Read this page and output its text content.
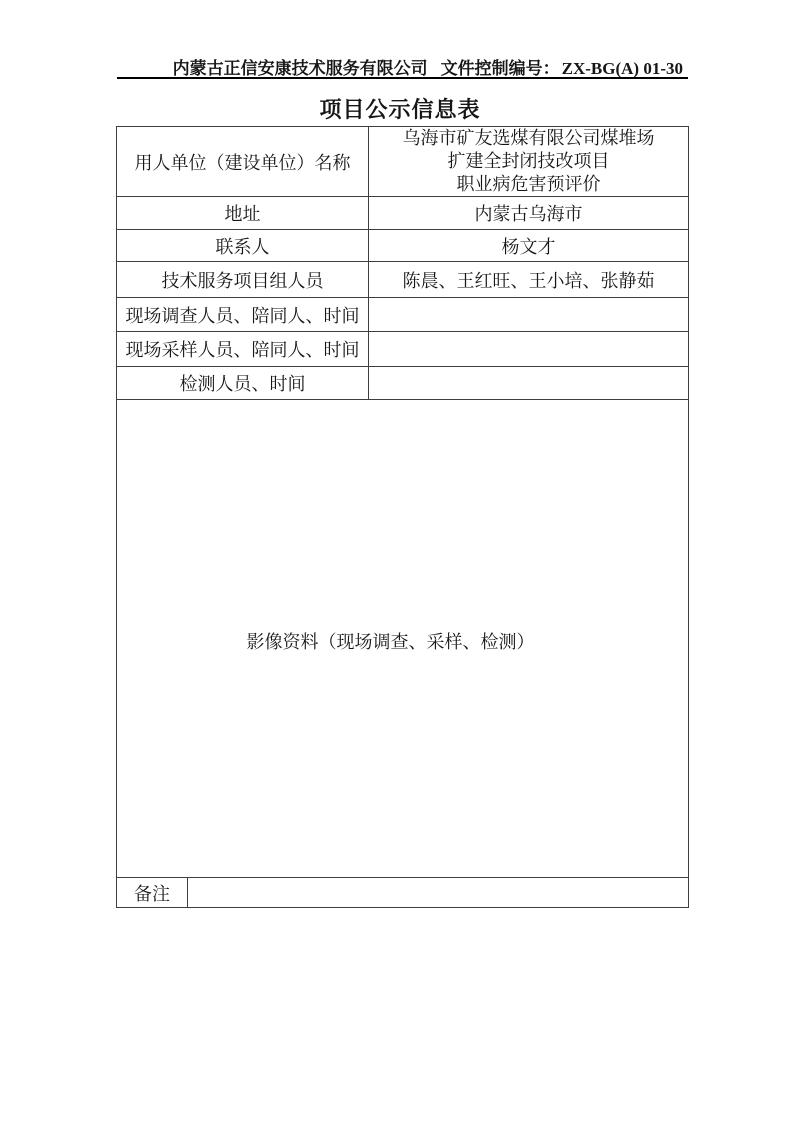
内蒙古正信安康技术服务有限公司 文件控制编号： ZX-BG(A) 01-30
项目公示信息表
用人单位（建设单位）名称		乌海市矿友选煤有限公司煤堆场
扩建全封闭技改项目
职业病危害预评价

地址		内蒙古乌海市
联系人		杨文才
技术服务项目组人员		陈晨、王红旺、王小培、张静茹
现场调查人员、陪同人、时间		
现场采样人员、陪同人、时间		
检测人员、时间		

影像资料（现场调查、采样、检测）		

备注		
